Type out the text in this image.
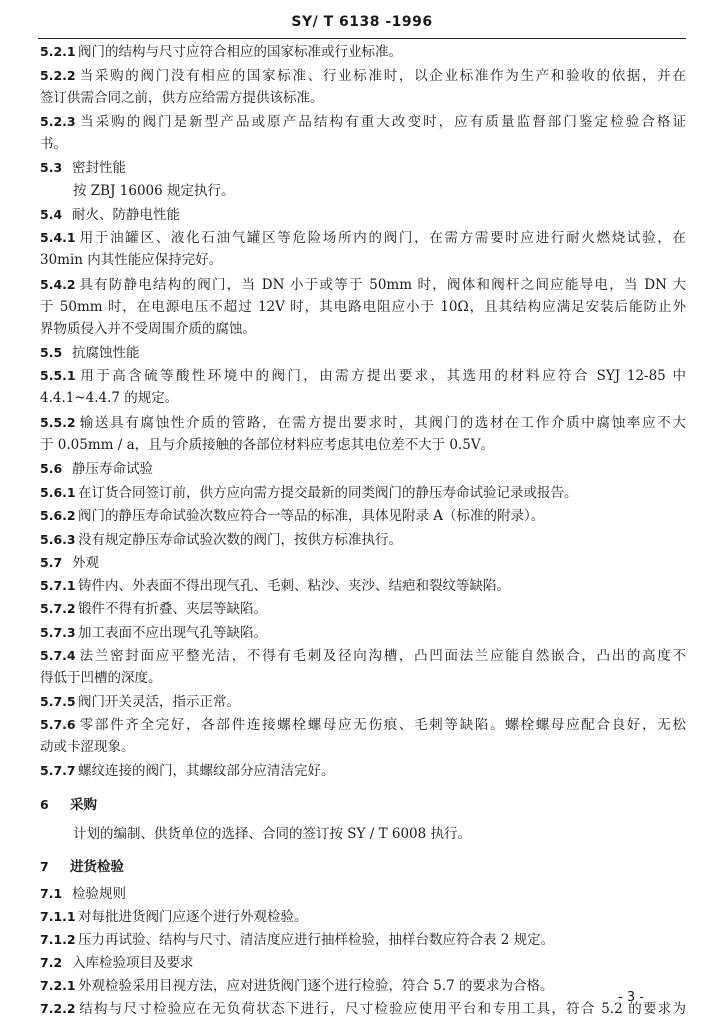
SY/ T 6138 -1996
5.2.1 阀门的结构与尺寸应符合相应的国家标准或行业标准。
5.2.2 当采购的阀门没有相应的国家标准、行业标准时，以企业标准作为生产和验收的依据，并在
签订供需合同之前，供方应给需方提供该标准。
5.2.3 当采购的阀门是新型产品或原产品结构有重大改变时，应有质量监督部门鉴定检验合格证
书。
5.3 密封性能
按 ZBJ 16006 规定执行。
5.4 耐火、防静电性能
5.4.1 用于油罐区、液化石油气罐区等危险场所内的阀门，在需方需要时应进行耐火燃烧试验，在
30min 内其性能应保持完好。
5.4.2 具有防静电结构的阀门，当 DN 小于或等于 50mm 时，阀体和阀杆之间应能导电，当 DN 大
于 50mm 时，在电源电压不超过 12V 时，其电路电阻应小于 10Ω，且其结构应满足安装后能防止外
界物质侵入并不受周围介质的腐蚀。
5.5 抗腐蚀性能
5.5.1 用于高含硫等酸性环境中的阀门，由需方提出要求，其选用的材料应符合 SYJ 12-85 中
4.4.1~4.4.7 的规定。
5.5.2 输送具有腐蚀性介质的管路，在需方提出要求时，其阀门的选材在工作介质中腐蚀率应不大
于 0.05mm / a，且与介质接触的各部位材料应考虑其电位差不大于 0.5V。
5.6 静压寿命试验
5.6.1 在订货合同签订前，供方应向需方提交最新的同类阀门的静压寿命试验记录或报告。
5.6.2 阀门的静压寿命试验次数应符合一等品的标准，具体见附录 A（标准的附录）。
5.6.3 没有规定静压寿命试验次数的阀门，按供方标准执行。
5.7 外观
5.7.1 铸件内、外表面不得出现气孔、毛刺、粘沙、夹沙、结疤和裂纹等缺陷。
5.7.2 锻件不得有折叠、夹层等缺陷。
5.7.3 加工表面不应出现气孔等缺陷。
5.7.4 法兰密封面应平整光洁，不得有毛刺及径向沟槽，凸凹面法兰应能自然嵌合，凸出的高度不
得低于凹槽的深度。
5.7.5 阀门开关灵活，指示正常。
5.7.6 零部件齐全完好，各部件连接螺栓螺母应无伤痕、毛刺等缺陷。螺栓螺母应配合良好，无松
动或卡涩现象。
5.7.7 螺纹连接的阀门，其螺纹部分应清洁完好。
6 采购
计划的编制、供货单位的选择、合同的签订按 SY / T 6008 执行。
7 进货检验
7.1 检验规则
7.1.1 对每批进货阀门应逐个进行外观检验。
7.1.2 压力再试验、结构与尺寸、清洁度应进行抽样检验，抽样台数应符合表 2 规定。
7.2 入库检验项目及要求
7.2.1 外观检验采用目视方法，应对进货阀门逐个进行检验，符合 5.7 的要求为合格。
7.2.2 结构与尺寸检验应在无负荷状态下进行，尺寸检验应使用平台和专用工具，符合 5.2 的要求为
- 3 -
